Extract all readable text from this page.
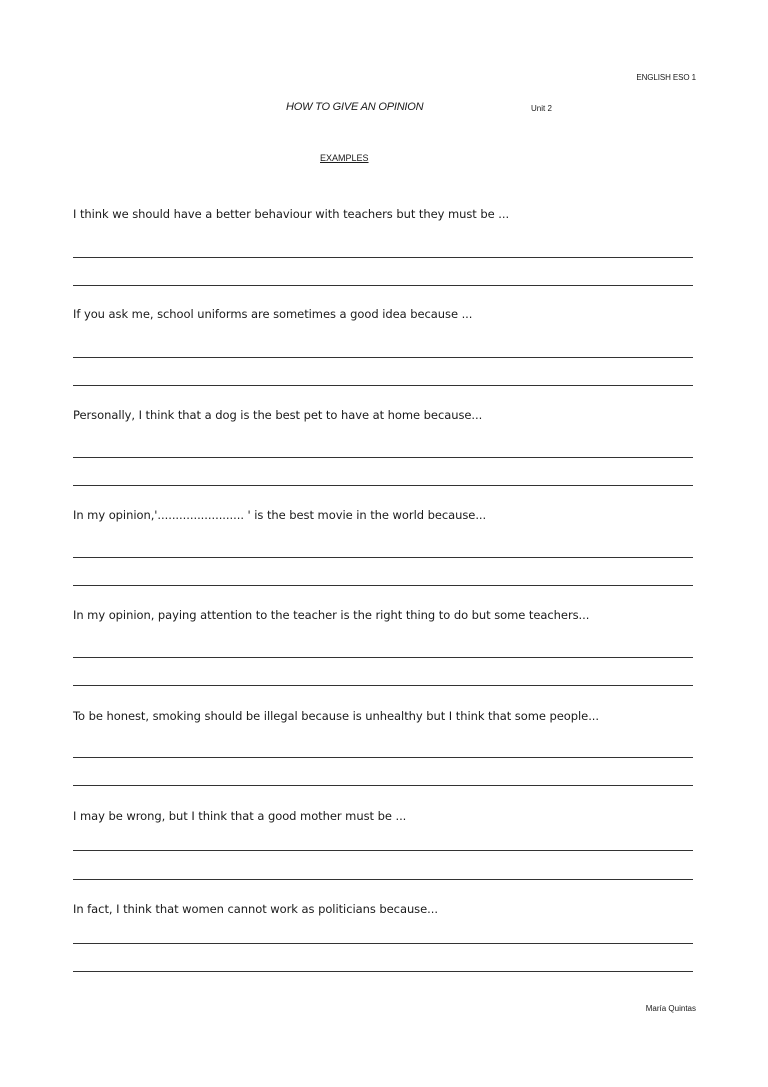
ENGLISH ESO 1
HOW TO GIVE AN OPINION	Unit 2
EXAMPLES
I think we should have a better behaviour with teachers but they must be ...
If you ask me, school uniforms are sometimes a good idea because ...
Personally, I think that a dog is the best pet to have at home because...
In my opinion,'........................ ' is the best movie in the world because...
In my opinion, paying attention to the teacher is the right thing to do but some teachers...
To be honest, smoking should be illegal because is unhealthy but I think that some people...
I may be wrong, but I think that a good mother must be ...
In fact, I think that women cannot work as politicians because...
María Quintas
